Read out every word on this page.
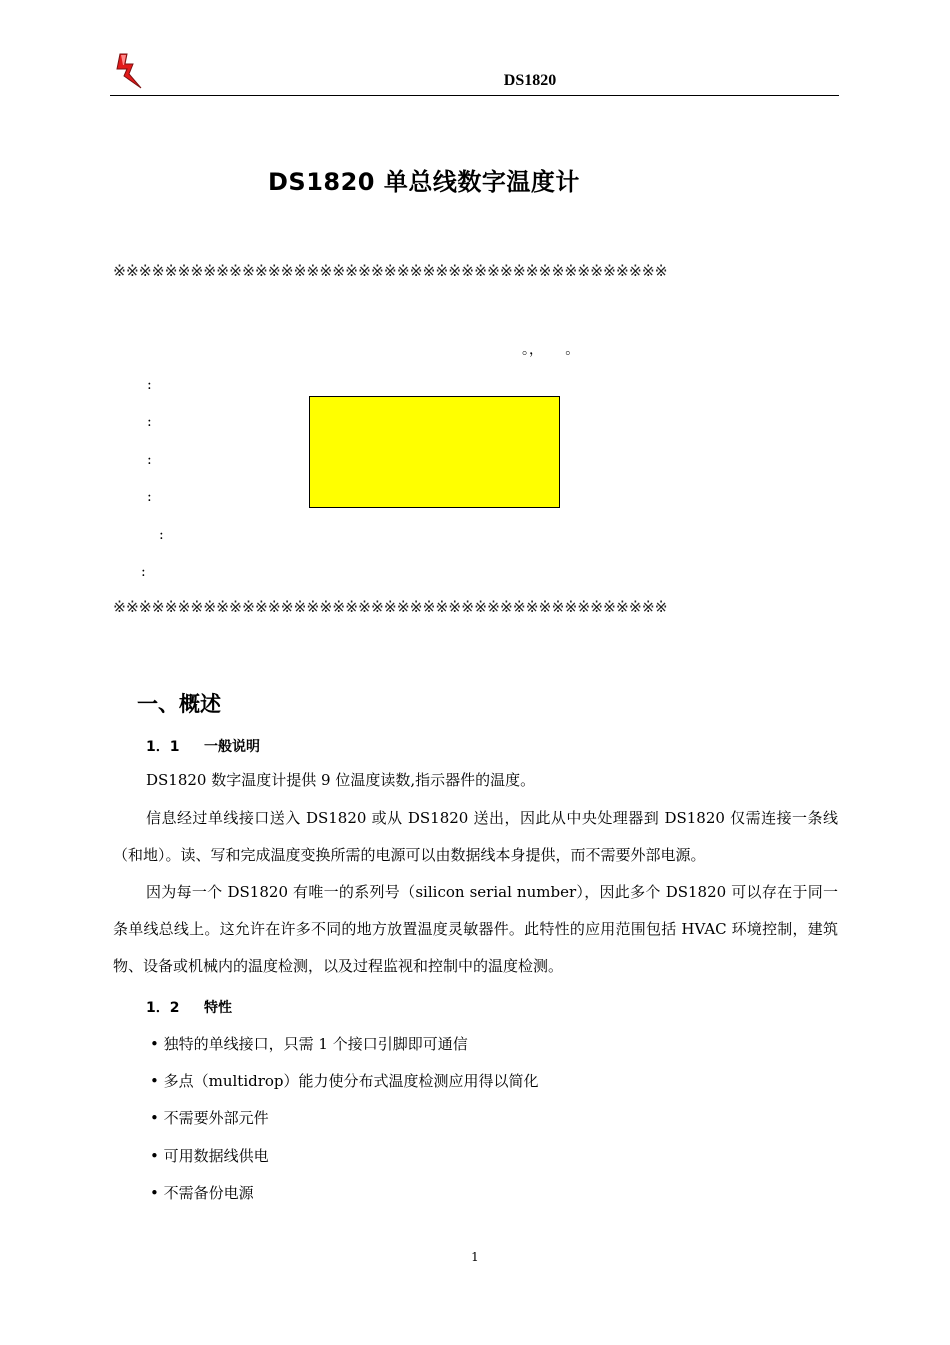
DS1820
DS1820 单总线数字温度计
※※※※※※※※※※※※※※※※※※※※※※※※※※※※※※※※※※※※※※※※※※※
。，     。
:
:
:
:
:
:
※※※※※※※※※※※※※※※※※※※※※※※※※※※※※※※※※※※※※※※※※※※
一、概述
1．1 一般说明
DS1820 数字温度计提供 9 位温度读数,指示器件的温度。
信息经过单线接口送入 DS1820 或从 DS1820 送出，因此从中央处理器到 DS1820 仅需连接一条线（和地）。读、写和完成温度变换所需的电源可以由数据线本身提供，而不需要外部电源。
因为每一个 DS1820 有唯一的系列号（silicon serial number），因此多个 DS1820 可以存在于同一条单线总线上。这允许在许多不同的地方放置温度灵敏器件。此特性的应用范围包括 HVAC 环境控制，建筑物、设备或机械内的温度检测，以及过程监视和控制中的温度检测。
1．2 特性
• 独特的单线接口，只需 1 个接口引脚即可通信
• 多点（multidrop）能力使分布式温度检测应用得以简化
• 不需要外部元件
• 可用数据线供电
• 不需备份电源
1
